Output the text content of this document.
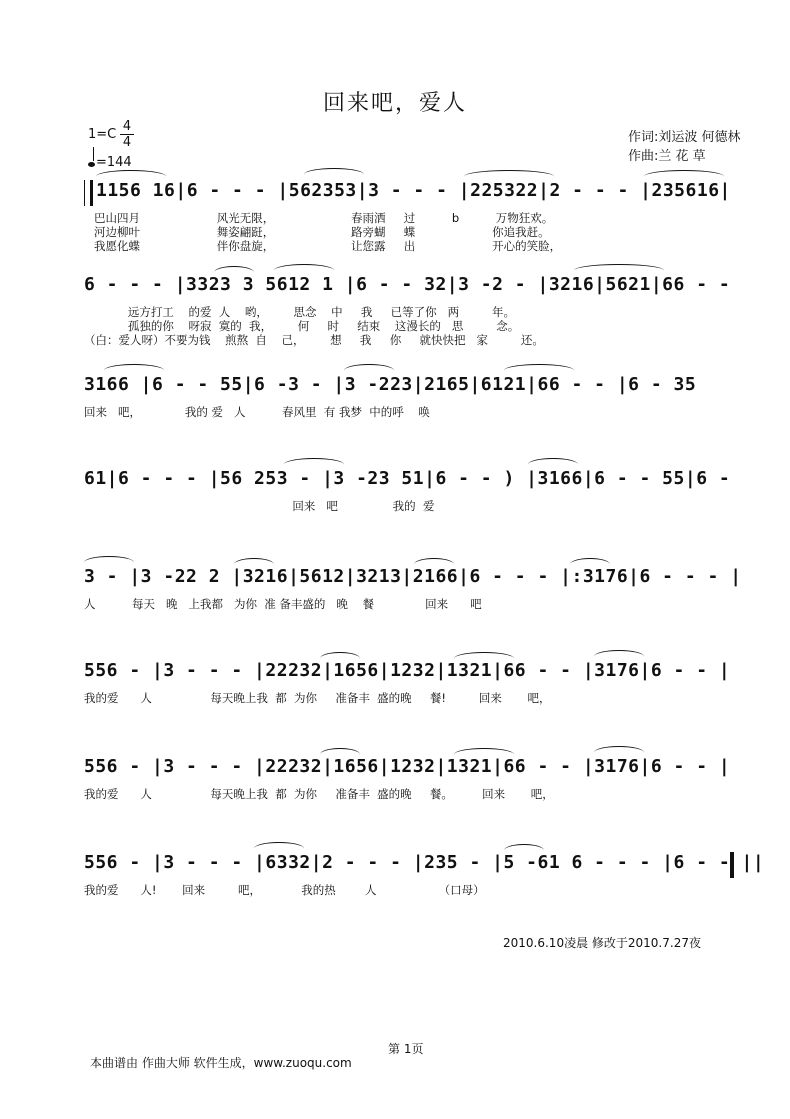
回来吧，爱人
1=C
4
4
=144
作词:刘运波 何德林
作曲:兰 花 草
1156 16|6 - - - |562353|3 - - - |225322|2 - - - |235616|
巴山四月                     风光无限，                     春雨洒     过          b          万物狂欢。
河边柳叶                     舞姿翩跹，                     路旁蝴     蝶                     你追我赶。
我愿化蝶                     伴你盘旋，                     让您露     出                     开心的笑脸，
6 - - - |3323 3 5612 1 |6 - - 32|3 -2 - |3216|5621|66 - -
远方打工    的爱  人    哟，       思念    中     我     已等了你   两         年。
孤独的你    呀寂  寞的  我，       何     时     结束    这漫长的   思         念。
（白：爱人呀）不要为钱    煎熬  自    己，       想     我     你     就快快把   家         还。
3166 |6 - - 55|6 -3 - |3 -223|2165|6121|66 - - |6 - 35
回来   吧，            我的 爱   人          春风里  有 我梦  中的呼    唤
61|6 - - - |56 253 - |3 -23 51|6 - - ) |3166|6 - - 55|6 -
回来   吧               我的  爱
3 - |3 -22 2 |3216|5612|3213|2166|6 - - - |:3176|6 - - - |
人          每天   晚   上我都   为你  准 备丰盛的   晚    餐              回来      吧
556 - |3 - - - |22232|1656|1232|1321|66 - - |3176|6 - - |
我的爱      人                每天晚上我  都  为你     准备丰  盛的晚     餐!         回来       吧，
556 - |3 - - - |22232|1656|1232|1321|66 - - |3176|6 - - |
我的爱      人                每天晚上我  都  为你     准备丰  盛的晚     餐。        回来       吧，
556 - |3 - - - |6332|2 - - - |235 - |5 -61 6 - - - |6 - - ||
我的爱      人!       回来         吧，           我的热        人                 （口母）
2010.6.10凌晨 修改于2010.7.27夜
第 1页
本曲谱由 作曲大师 软件生成，www.zuoqu.com
